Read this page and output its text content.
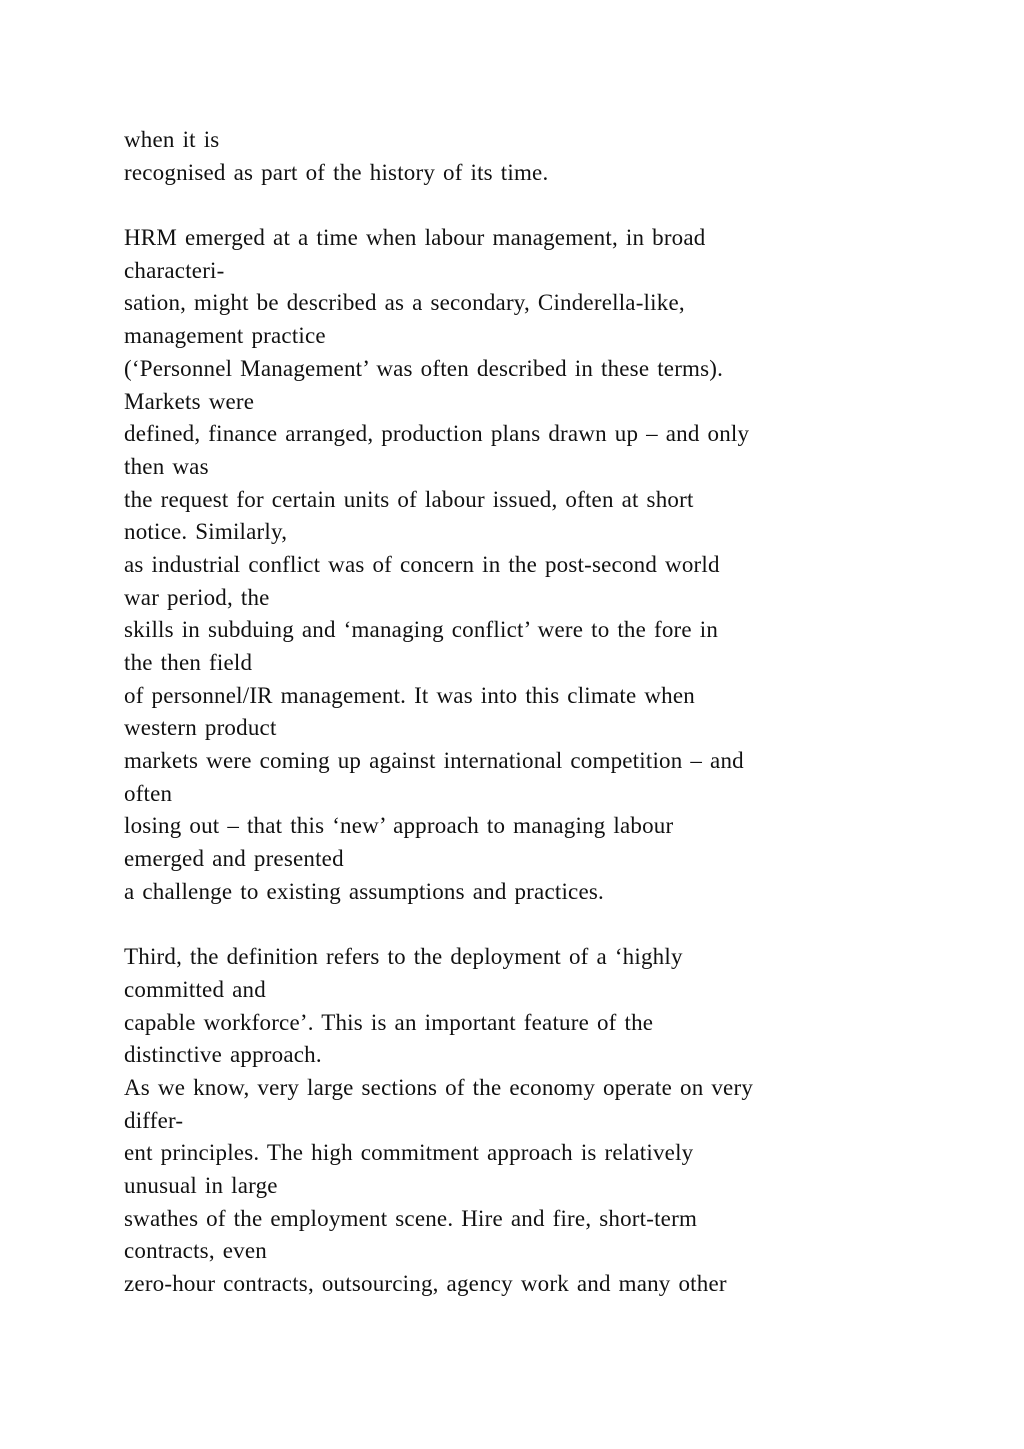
when it is
recognised as part of the history of its time.
HRM emerged at a time when labour management, in broad
characteri-
sation, might be described as a secondary, Cinderella-like,
management practice
(‘Personnel Management’ was often described in these terms).
Markets were
defined, finance arranged, production plans drawn up – and only
then was
the request for certain units of labour issued, often at short
notice. Similarly,
as industrial conflict was of concern in the post-second world
war period, the
skills in subduing and ‘managing conflict’ were to the fore in
the then field
of personnel/IR management. It was into this climate when
western product
markets were coming up against international competition – and
often
losing out – that this ‘new’ approach to managing labour
emerged and presented
a challenge to existing assumptions and practices.
Third, the definition refers to the deployment of a ‘highly
committed and
capable workforce’. This is an important feature of the
distinctive approach.
As we know, very large sections of the economy operate on very
differ-
ent principles. The high commitment approach is relatively
unusual in large
swathes of the employment scene. Hire and fire, short-term
contracts, even
zero-hour contracts, outsourcing, agency work and many other
